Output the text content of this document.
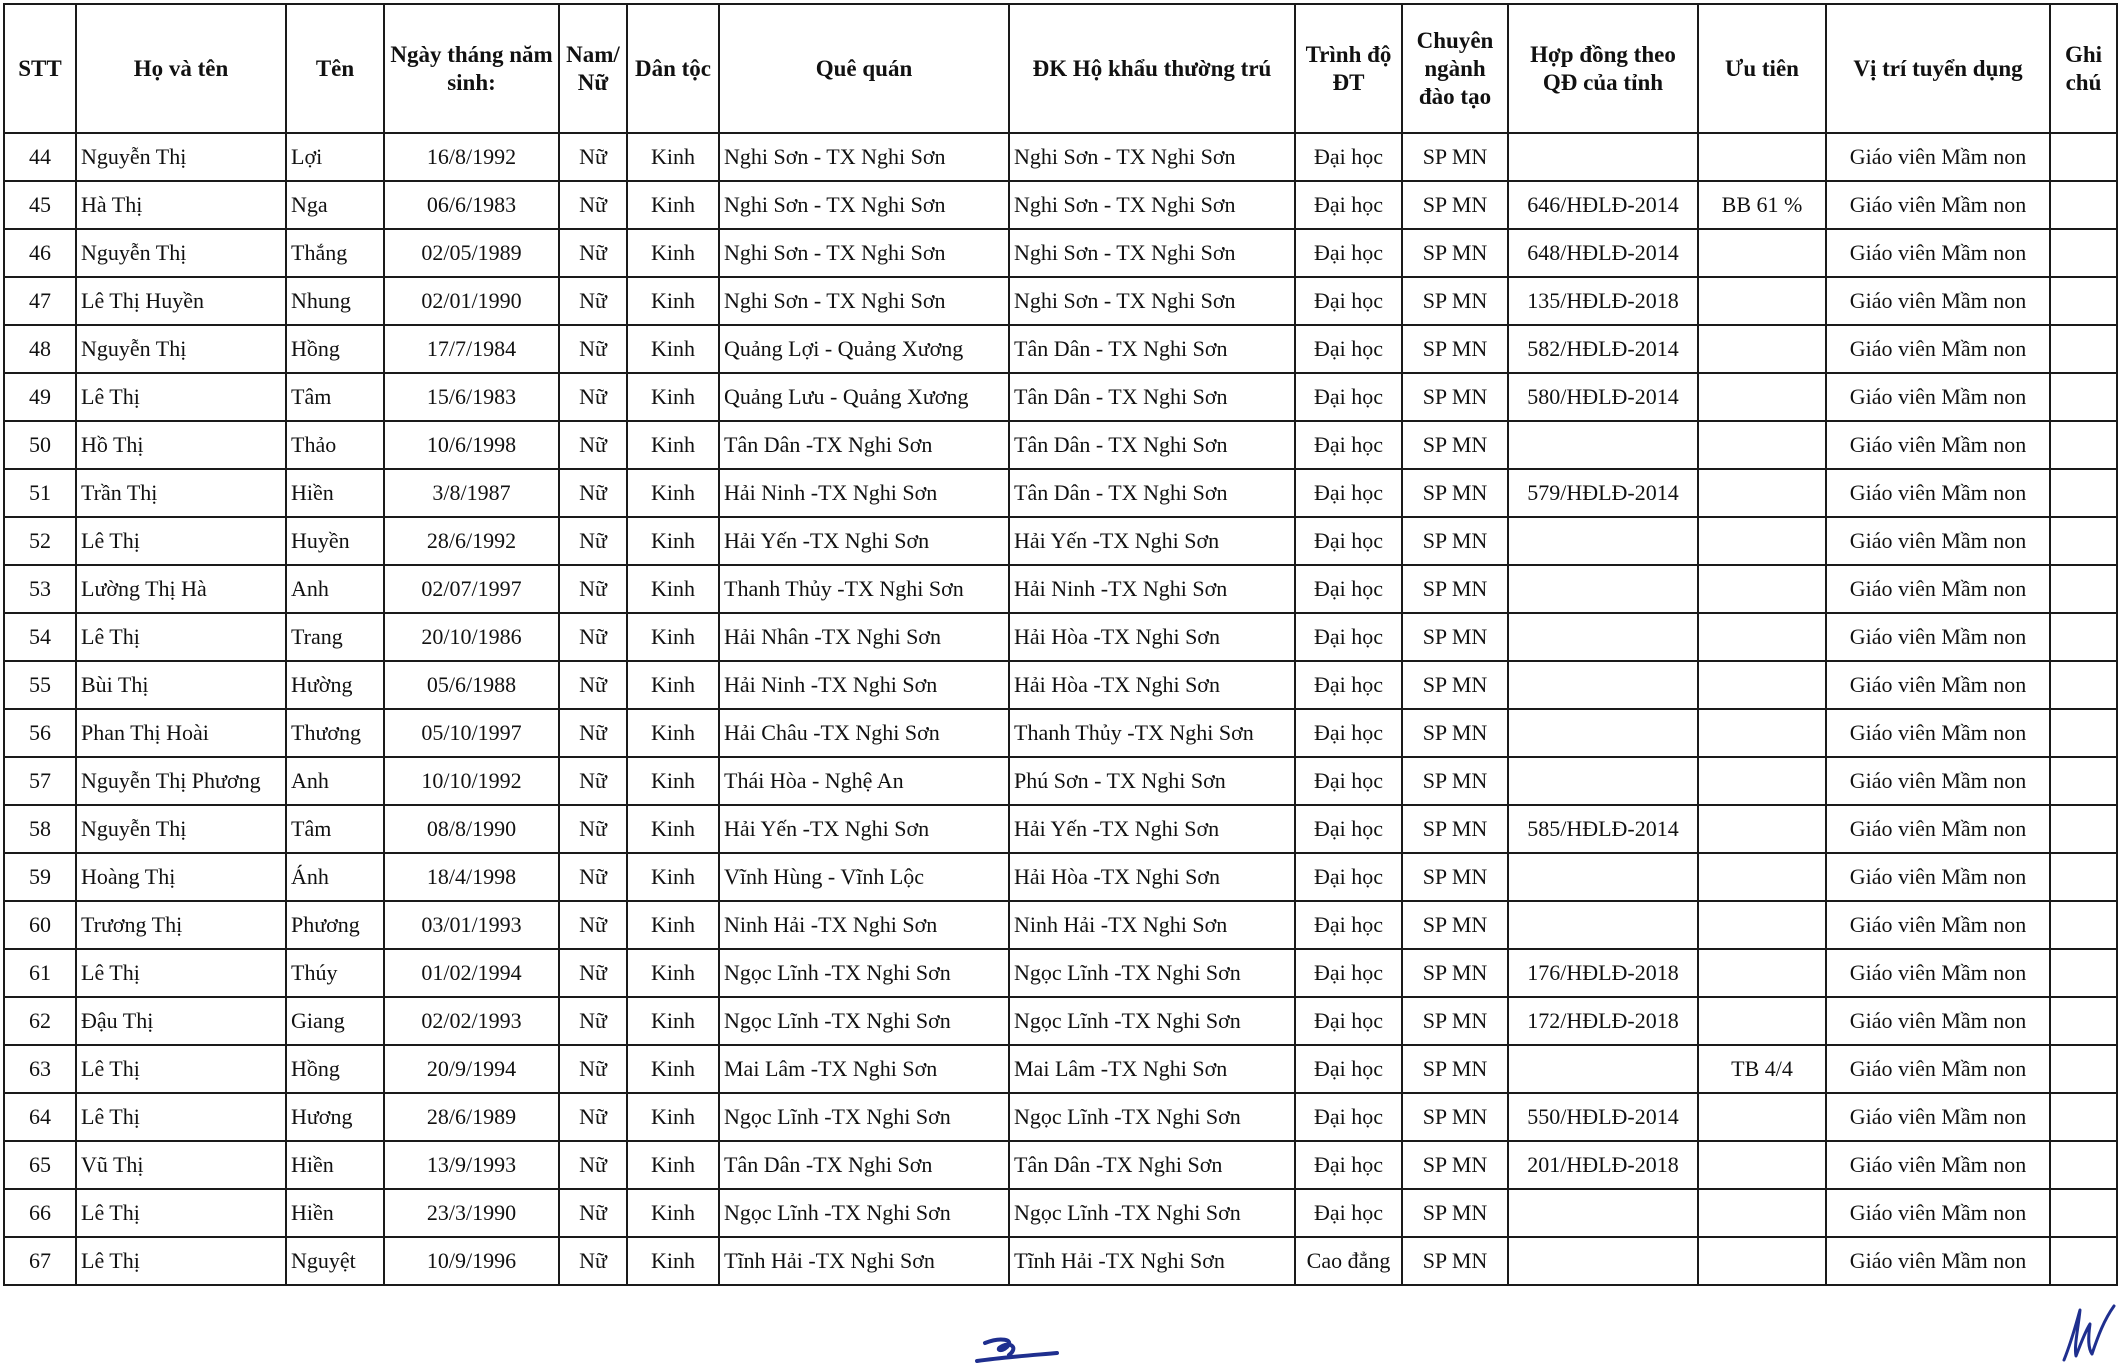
STT	Họ và tên	Tên	Ngày tháng năm sinh:	Nam/ Nữ	Dân tộc	Quê quán	ĐK Hộ khẩu thường trú	Trình độ ĐT	Chuyên ngành đào tạo	Hợp đồng theo QĐ của tỉnh	Ưu tiên	Vị trí tuyển dụng	Ghi chú
44	Nguyễn Thị	Lợi	16/8/1992	Nữ	Kinh	Nghi Sơn - TX Nghi Sơn	Nghi Sơn - TX Nghi Sơn	Đại học	SP MN			Giáo viên Mầm non	
45	Hà Thị	Nga	06/6/1983	Nữ	Kinh	Nghi Sơn - TX Nghi Sơn	Nghi Sơn - TX Nghi Sơn	Đại học	SP MN	646/HĐLĐ-2014	BB 61 %	Giáo viên Mầm non	
46	Nguyễn Thị	Thắng	02/05/1989	Nữ	Kinh	Nghi Sơn - TX Nghi Sơn	Nghi Sơn - TX Nghi Sơn	Đại học	SP MN	648/HĐLĐ-2014		Giáo viên Mầm non	
47	Lê Thị Huyền	Nhung	02/01/1990	Nữ	Kinh	Nghi Sơn - TX Nghi Sơn	Nghi Sơn - TX Nghi Sơn	Đại học	SP MN	135/HĐLĐ-2018		Giáo viên Mầm non	
48	Nguyễn Thị	Hồng	17/7/1984	Nữ	Kinh	Quảng Lợi - Quảng Xương	Tân Dân - TX Nghi Sơn	Đại học	SP MN	582/HĐLĐ-2014		Giáo viên Mầm non	
49	Lê Thị	Tâm	15/6/1983	Nữ	Kinh	Quảng Lưu - Quảng Xương	Tân Dân - TX Nghi Sơn	Đại học	SP MN	580/HĐLĐ-2014		Giáo viên Mầm non	
50	Hồ Thị	Thảo	10/6/1998	Nữ	Kinh	Tân Dân -TX Nghi Sơn	Tân Dân - TX Nghi Sơn	Đại học	SP MN			Giáo viên Mầm non	
51	Trần Thị	Hiền	3/8/1987	Nữ	Kinh	Hải Ninh -TX Nghi Sơn	Tân Dân - TX Nghi Sơn	Đại học	SP MN	579/HĐLĐ-2014		Giáo viên Mầm non	
52	Lê Thị	Huyền	28/6/1992	Nữ	Kinh	Hải Yến -TX Nghi Sơn	Hải Yến -TX Nghi Sơn	Đại học	SP MN			Giáo viên Mầm non	
53	Lường Thị Hà	Anh	02/07/1997	Nữ	Kinh	Thanh Thủy -TX Nghi Sơn	Hải Ninh -TX Nghi Sơn	Đại học	SP MN			Giáo viên Mầm non	
54	Lê Thị	Trang	20/10/1986	Nữ	Kinh	Hải Nhân -TX Nghi Sơn	Hải Hòa -TX Nghi Sơn	Đại học	SP MN			Giáo viên Mầm non	
55	Bùi Thị	Hường	05/6/1988	Nữ	Kinh	Hải Ninh -TX Nghi Sơn	Hải Hòa -TX Nghi Sơn	Đại học	SP MN			Giáo viên Mầm non	
56	Phan Thị Hoài	Thương	05/10/1997	Nữ	Kinh	Hải Châu -TX Nghi Sơn	Thanh Thủy -TX Nghi Sơn	Đại học	SP MN			Giáo viên Mầm non	
57	Nguyễn Thị Phương	Anh	10/10/1992	Nữ	Kinh	Thái Hòa - Nghệ An	Phú Sơn - TX Nghi Sơn	Đại học	SP MN			Giáo viên Mầm non	
58	Nguyễn Thị	Tâm	08/8/1990	Nữ	Kinh	Hải Yến -TX Nghi Sơn	Hải Yến -TX Nghi Sơn	Đại học	SP MN	585/HĐLĐ-2014		Giáo viên Mầm non	
59	Hoàng Thị	Ánh	18/4/1998	Nữ	Kinh	Vĩnh Hùng - Vĩnh Lộc	Hải Hòa -TX Nghi Sơn	Đại học	SP MN			Giáo viên Mầm non	
60	Trương Thị	Phương	03/01/1993	Nữ	Kinh	Ninh Hải -TX Nghi Sơn	Ninh Hải -TX Nghi Sơn	Đại học	SP MN			Giáo viên Mầm non	
61	Lê Thị	Thúy	01/02/1994	Nữ	Kinh	Ngọc Lĩnh -TX Nghi Sơn	Ngọc Lĩnh -TX Nghi Sơn	Đại học	SP MN	176/HĐLĐ-2018		Giáo viên Mầm non	
62	Đậu Thị	Giang	02/02/1993	Nữ	Kinh	Ngọc Lĩnh -TX Nghi Sơn	Ngọc Lĩnh -TX Nghi Sơn	Đại học	SP MN	172/HĐLĐ-2018		Giáo viên Mầm non	
63	Lê Thị	Hồng	20/9/1994	Nữ	Kinh	Mai Lâm -TX Nghi Sơn	Mai Lâm -TX Nghi Sơn	Đại học	SP MN		TB 4/4	Giáo viên Mầm non	
64	Lê Thị	Hương	28/6/1989	Nữ	Kinh	Ngọc Lĩnh -TX Nghi Sơn	Ngọc Lĩnh -TX Nghi Sơn	Đại học	SP MN	550/HĐLĐ-2014		Giáo viên Mầm non	
65	Vũ Thị	Hiền	13/9/1993	Nữ	Kinh	Tân Dân -TX Nghi Sơn	Tân Dân -TX Nghi Sơn	Đại học	SP MN	201/HĐLĐ-2018		Giáo viên Mầm non	
66	Lê Thị	Hiền	23/3/1990	Nữ	Kinh	Ngọc Lĩnh -TX Nghi Sơn	Ngọc Lĩnh -TX Nghi Sơn	Đại học	SP MN			Giáo viên Mầm non	
67	Lê Thị	Nguyệt	10/9/1996	Nữ	Kinh	Tĩnh Hải -TX Nghi Sơn	Tĩnh Hải -TX Nghi Sơn	Cao đẳng	SP MN			Giáo viên Mầm non	
